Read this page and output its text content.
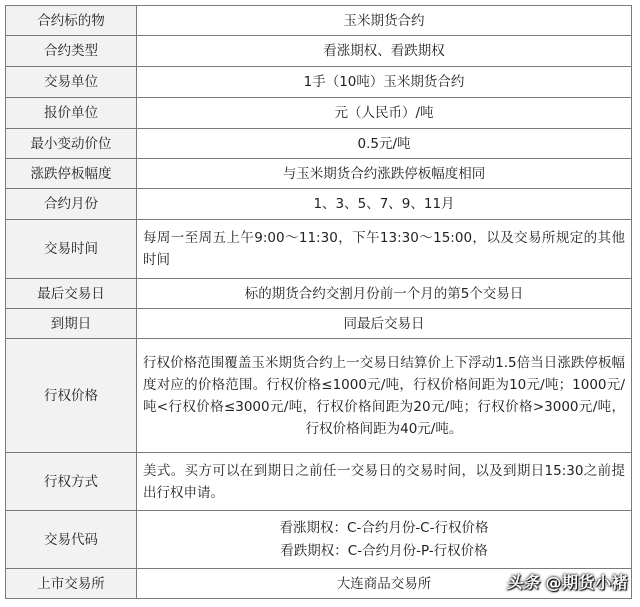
合约标的物	玉米期货合约
合约类型	看涨期权、看跌期权
交易单位	1手（10吨）玉米期货合约
报价单位	元（人民币）/吨
最小变动价位	0.5元/吨
涨跌停板幅度	与玉米期货合约涨跌停板幅度相同
合约月份	1、3、5、7、9、11月
交易时间	每周一至周五上午9:00～11:30，下午13:30～15:00，以及交易所规定的其他时间
最后交易日	标的期货合约交割月份前一个月的第5个交易日
到期日	同最后交易日
行权价格	行权价格范围覆盖玉米期货合约上一交易日结算价上下浮动1.5倍当日涨跌停板幅度对应的价格范围。行权价格≤1000元/吨，行权价格间距为10元/吨；1000元/吨<行权价格≤3000元/吨，行权价格间距为20元/吨；行权价格>3000元/吨，行权价格间距为40元/吨。
行权方式	美式。买方可以在到期日之前任一交易日的交易时间，以及到期日15:30之前提出行权申请。
交易代码	看涨期权：C-合约月份-C-行权价格
看跌期权：C-合约月份-P-行权价格

上市交易所	大连商品交易所	头条 @期货小褚
